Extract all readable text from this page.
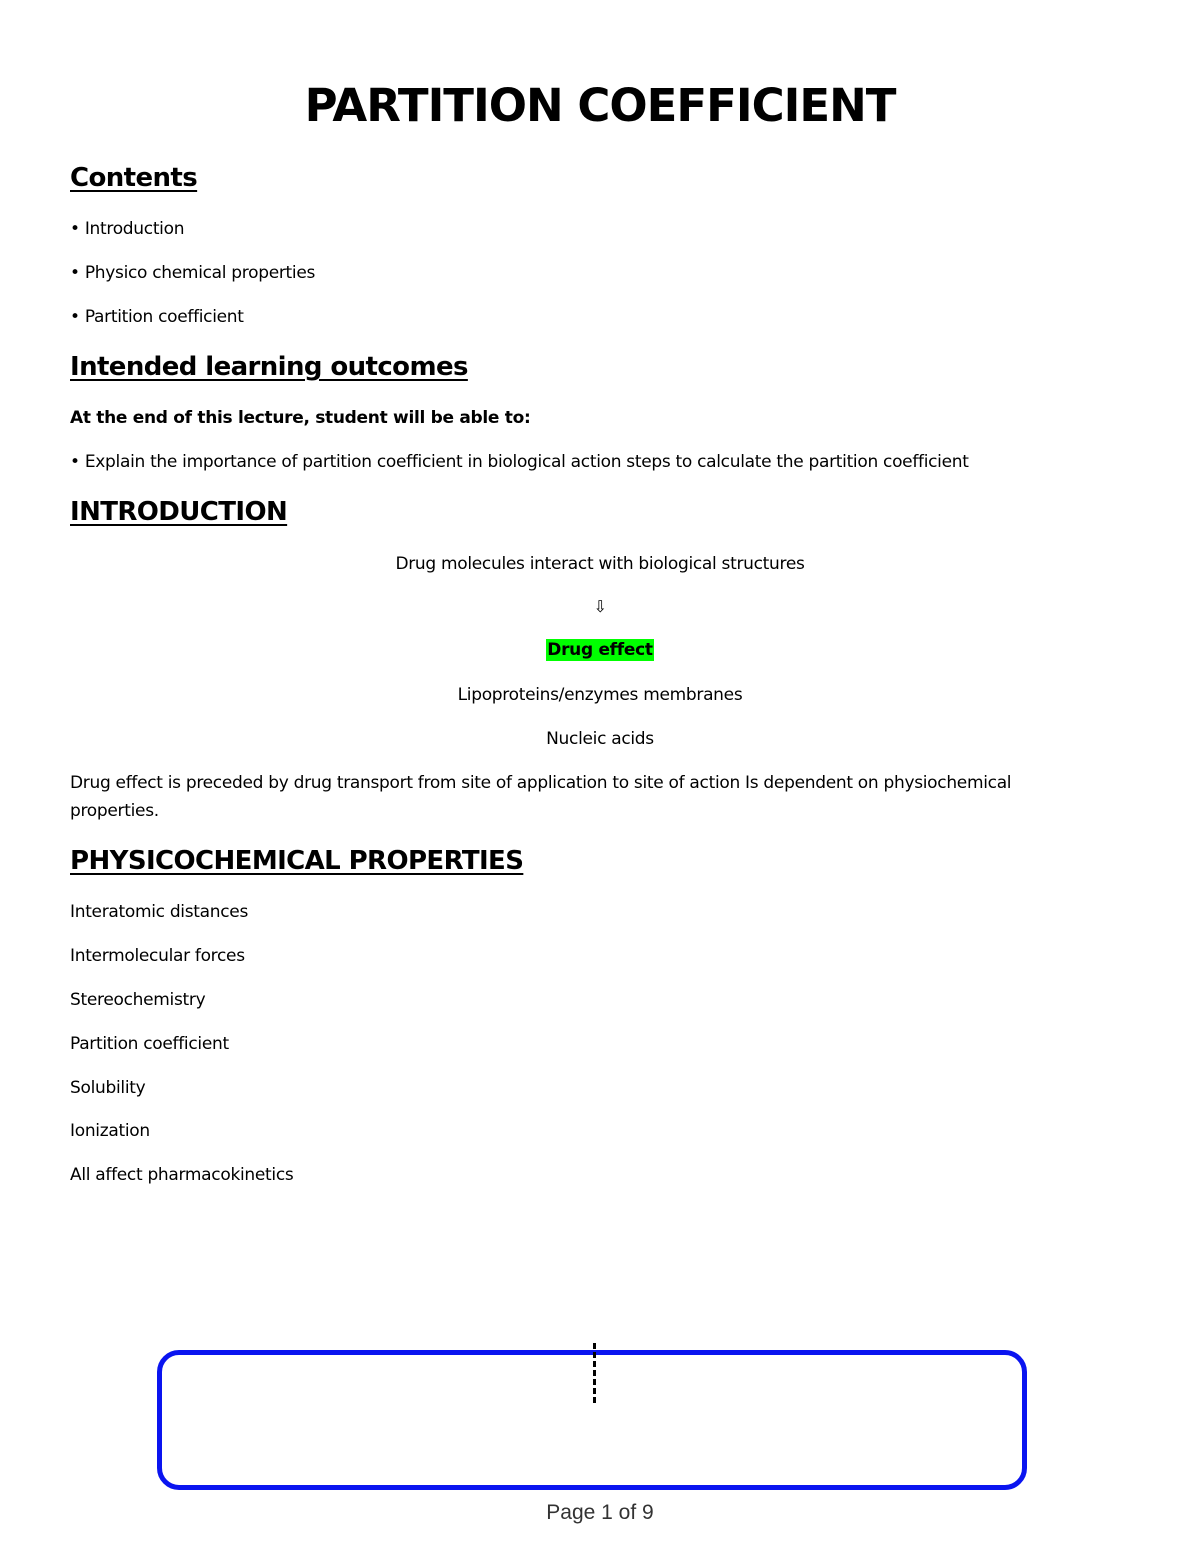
PARTITION COEFFICIENT
Contents
• Introduction
• Physico chemical properties
• Partition coefficient
Intended learning outcomes
At the end of this lecture, student will be able to:
• Explain the importance of partition coefficient in biological action steps to calculate the partition coefficient
INTRODUCTION
Drug molecules interact with biological structures
⇩
Drug effect
Lipoproteins/enzymes membranes
Nucleic acids
Drug effect is preceded by drug transport from site of application to site of action Is dependent on physiochemical properties.
PHYSICOCHEMICAL PROPERTIES
Interatomic distances
Intermolecular forces
Stereochemistry
Partition coefficient
Solubility
Ionization
All affect pharmacokinetics
Page 1 of 9
